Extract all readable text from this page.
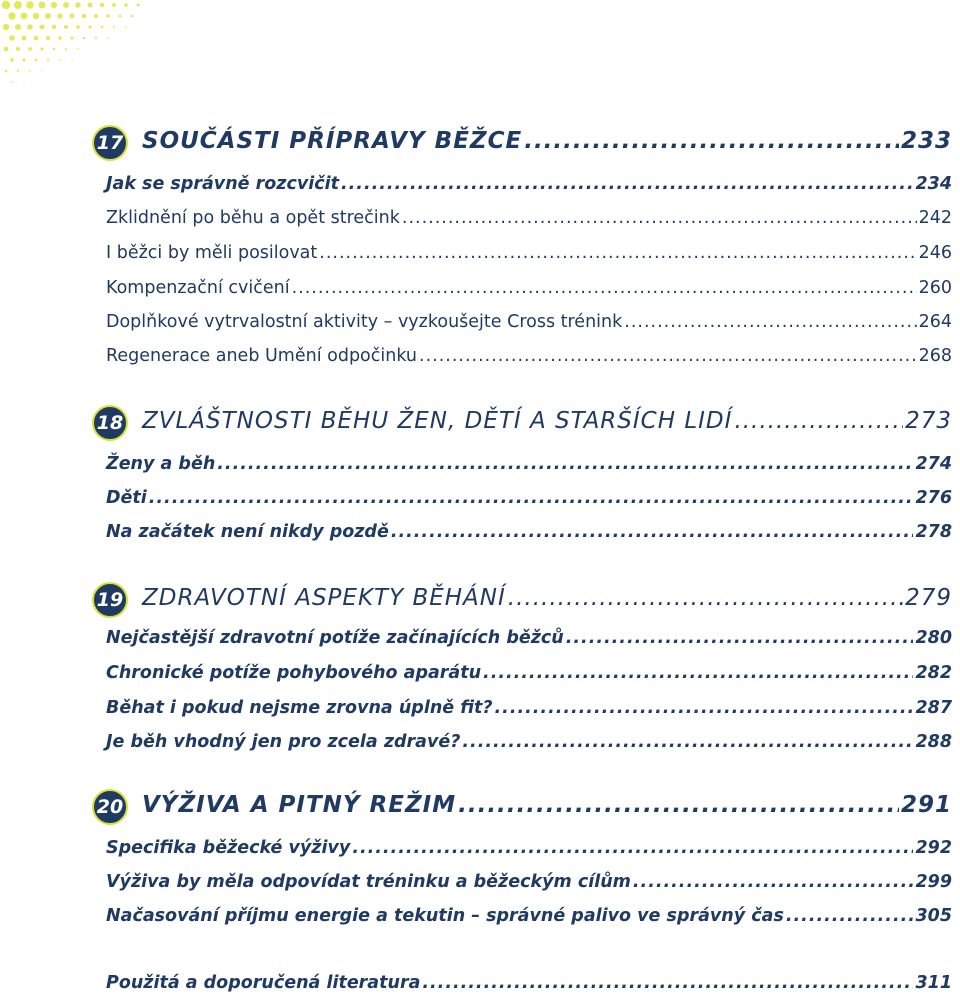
17 SOUČÁSTI PŘÍPRAVY BĚŽCE .....	233
Jak se správně rozcvičit .....	234
Zklidnění po běhu a opět strečink .....	242
I běžci by měli posilovat .....	246
Kompenzační cvičení .....	260
Doplňkové vytrvalostní aktivity – vyzkoušejte Cross trénink .....	264
Regenerace aneb Umění odpočinku .....	268
18 ZVLÁŠTNOSTI BĚHU ŽEN, DĚTÍ A STARŠÍCH LIDÍ .....	273
Ženy a běh .....	274
Děti .....	276
Na začátek není nikdy pozdě .....	278
19 ZDRAVOTNÍ ASPEKTY BĚHÁNÍ .....	279
Nejčastější zdravotní potíže začínajících běžců .....	280
Chronické potíže pohybového aparátu .....	282
Běhat i pokud nejsme zrovna úplně fit? .....	287
Je běh vhodný jen pro zcela zdravé? .....	288
20 VÝŽIVA A PITNÝ REŽIM .....	291
Specifika běžecké výživy .....	292
Výživa by měla odpovídat tréninku a běžeckým cílům .....	299
Načasování příjmu energie a tekutin – správné palivo ve správný čas .....	305
Použitá a doporučená literatura .....	311
